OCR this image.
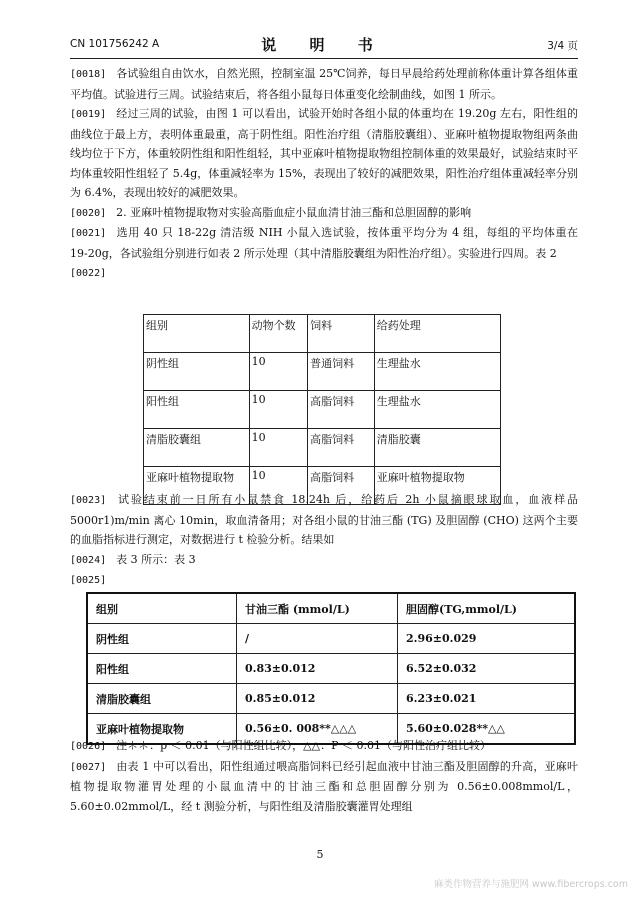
CN 101756242 A	说 明 书	3/4 页

[0018] 各试验组自由饮水，自然光照，控制室温 25℃饲养，每日早晨给药处理前称体重计算各组体重平均值。试验进行三周。试验结束后，将各组小鼠每日体重变化绘制曲线，如图 1 所示。

[0019] 经过三周的试验，由图 1 可以看出，试验开始时各组小鼠的体重均在 19.20g 左右，阳性组的曲线位于最上方，表明体重最重，高于阴性组。阳性治疗组（清脂胶囊组）、亚麻叶植物提取物组两条曲线均位于下方，体重较阴性组和阳性组轻，其中亚麻叶植物提取物组控制体重的效果最好，试验结束时平均体重较阳性组轻了 5.4g，体重减轻率为 15%，表现出了较好的减肥效果，阳性治疗组体重减轻率分别为 6.4%，表现出较好的减肥效果。

[0020] 2. 亚麻叶植物提取物对实验高脂血症小鼠血清甘油三酯和总胆固醇的影响

[0021] 选用 40 只 18-22g 清洁级 NIH 小鼠入选试验，按体重平均分为 4 组，每组的平均体重在 19-20g，各试验组分别进行如表 2 所示处理（其中清脂胶囊组为阳性治疗组）。实验进行四周。表 2

[0022]

组别	动物个数	饲料	给药处理
阴性组	10	普通饲料	生理盐水
阳性组	10	高脂饲料	生理盐水
清脂胶囊组	10	高脂饲料	清脂胶囊
亚麻叶植物提取物	10	高脂饲料	亚麻叶植物提取物

[0023] 试验结束前一日所有小鼠禁食 18.24h 后，给药后 2h 小鼠摘眼球取血，血液样品5000r1)m/min 离心 10min，取血清备用；对各组小鼠的甘油三酯 (TG) 及胆固醇 (CHO) 这两个主要的血脂指标进行测定，对数据进行 t 检验分析。结果如

[0024] 表 3 所示：表 3

[0025]

组别	甘油三酯 (mmol/L)	胆固醇(TG,mmol/L)
阴性组	/	2.96±0.029
阳性组	0.83±0.012	6.52±0.032
清脂胶囊组	0.85±0.012	6.23±0.021
亚麻叶植物提取物	0.56±0. 008**△△△	5.60±0.028**△△

[0026] 注＊＊：p ＜ 0.01（与阳性组比较），△△：P ＜ 0.01（与阳性治疗组比较）

[0027] 由表 1 中可以看出，阳性组通过喂高脂饲料已经引起血液中甘油三酯及胆固醇的升高，亚麻叶植物提取物灌胃处理的小鼠血清中的甘油三酯和总胆固醇分别为 0.56±0.008mmol/L，5.60±0.02mmol/L，经 t 测验分析，与阳性组及清脂胶囊灌胃处理组

5
麻类作物营养与施肥网 www.fibercrops.com
